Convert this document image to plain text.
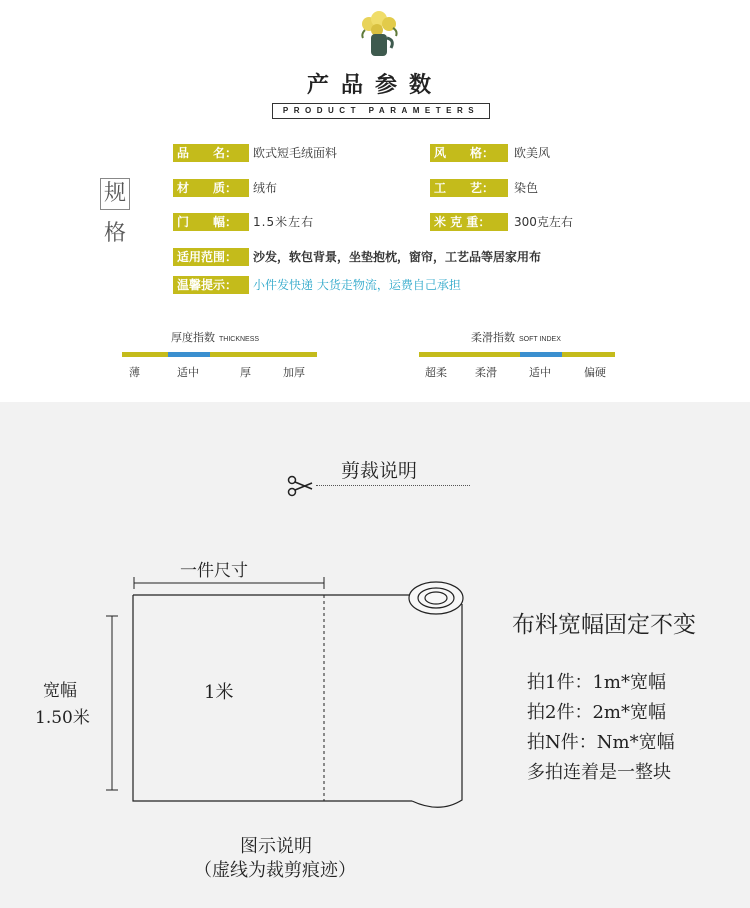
产品参数
PRODUCT PARAMETERS
规
格
品　　名：	欧式短毛绒面料	风　　格：	欧美风
材　　质：	绒布	工　　艺：	染色
门　　幅：	1.5米左右	米 克 重：	300克左右
适用范围：	沙发，软包背景，坐垫抱枕，窗帘，工艺品等居家用布
温馨提示：	小件发快递 大货走物流，运费自己承担
厚度指数 THICKNESS
薄	适中	厚	加厚
柔滑指数 SOFT INDEX
超柔	柔滑	适中	偏硬
剪裁说明
一件尺寸
宽幅
1.50米
1米
布料宽幅固定不变
拍1件：1m*宽幅
拍2件：2m*宽幅
拍N件：Nm*宽幅
多拍连着是一整块
图示说明
（虚线为裁剪痕迹）
